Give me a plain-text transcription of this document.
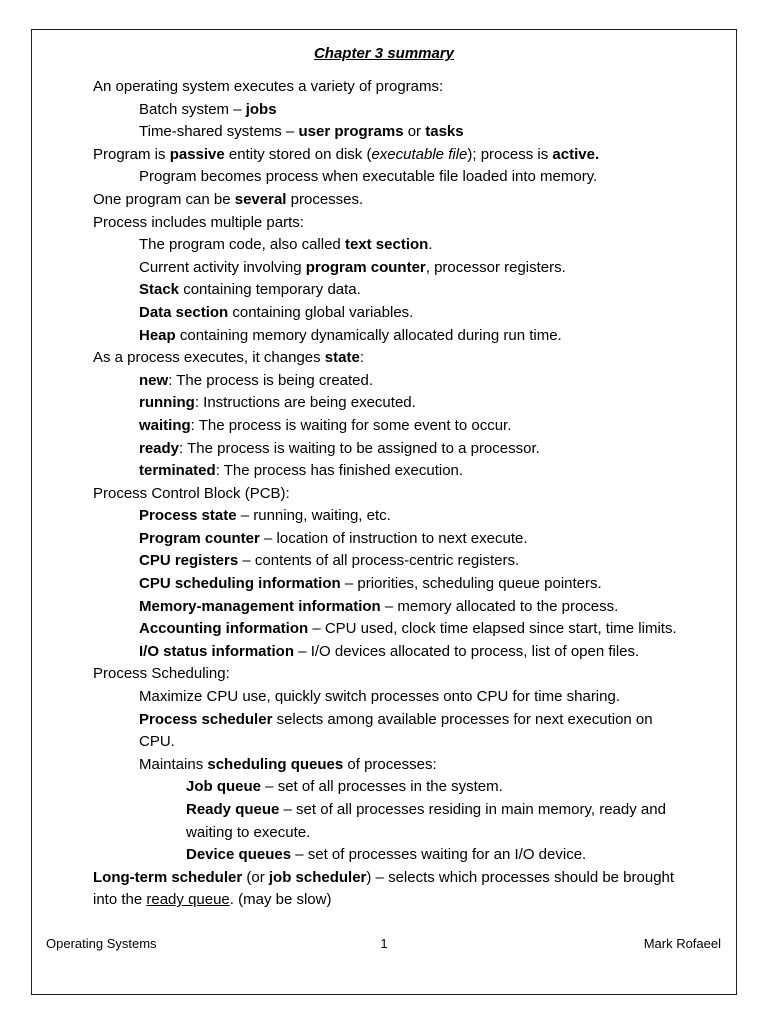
Chapter 3 summary
An operating system executes a variety of programs:
Batch system – jobs
Time-shared systems – user programs or tasks
Program is passive entity stored on disk (executable file); process is active.
Program becomes process when executable file loaded into memory.
One program can be several processes.
Process includes multiple parts:
The program code, also called text section.
Current activity involving program counter, processor registers.
Stack containing temporary data.
Data section containing global variables.
Heap containing memory dynamically allocated during run time.
As a process executes, it changes state:
new: The process is being created.
running: Instructions are being executed.
waiting: The process is waiting for some event to occur.
ready: The process is waiting to be assigned to a processor.
terminated: The process has finished execution.
Process Control Block (PCB):
Process state – running, waiting, etc.
Program counter – location of instruction to next execute.
CPU registers – contents of all process-centric registers.
CPU scheduling information – priorities, scheduling queue pointers.
Memory-management information – memory allocated to the process.
Accounting information – CPU used, clock time elapsed since start, time limits.
I/O status information – I/O devices allocated to process, list of open files.
Process Scheduling:
Maximize CPU use, quickly switch processes onto CPU for time sharing.
Process scheduler selects among available processes for next execution on
CPU.
Maintains scheduling queues of processes:
Job queue – set of all processes in the system.
Ready queue – set of all processes residing in main memory, ready and
waiting to execute.
Device queues – set of processes waiting for an I/O device.
Long-term scheduler (or job scheduler) – selects which processes should be brought
into the ready queue. (may be slow)
Operating Systems	1	Mark Rofaeel
